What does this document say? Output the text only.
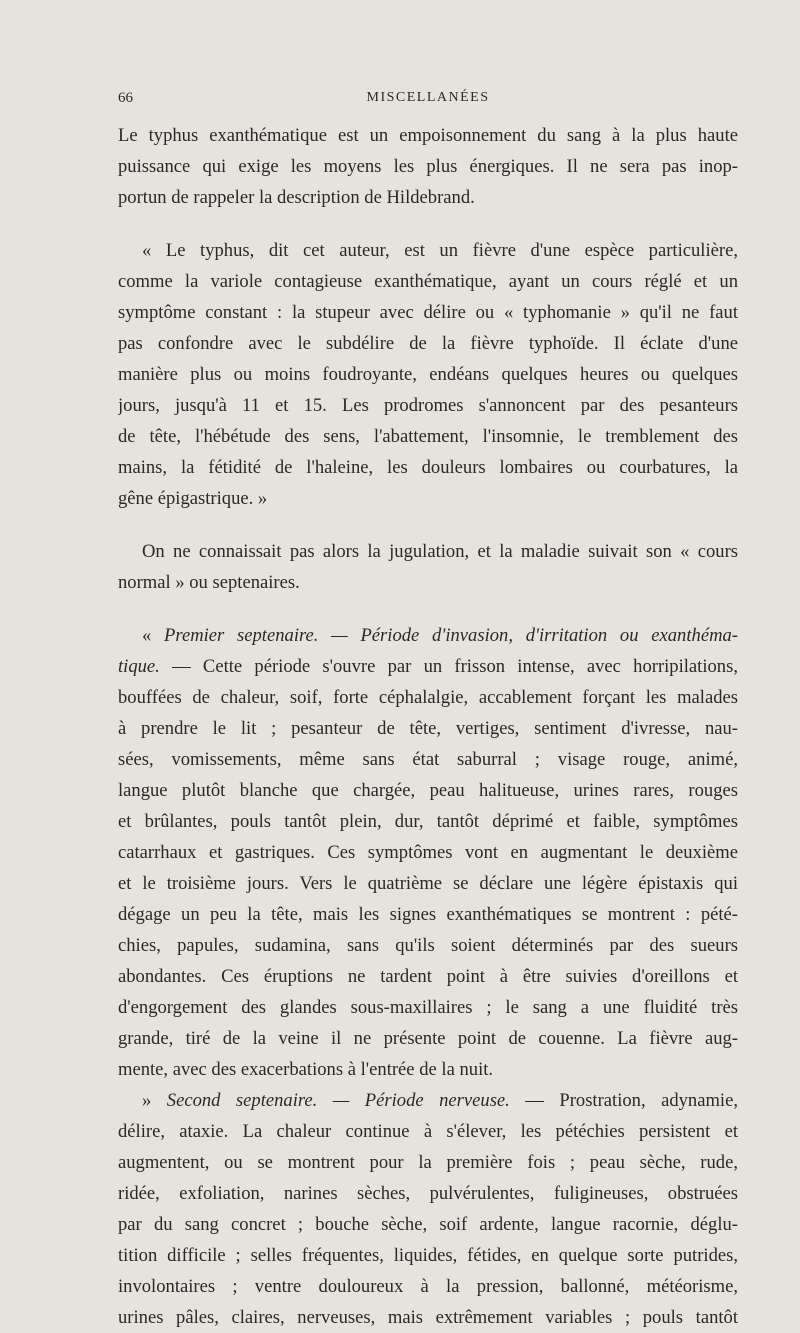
66	MISCELLANÉES
Le typhus exanthématique est un empoisonnement du sang à la plus haute
puissance qui exige les moyens les plus énergiques. Il ne sera pas inop-
portun de rappeler la description de Hildebrand.
« Le typhus, dit cet auteur, est un fièvre d'une espèce particulière,
comme la variole contagieuse exanthématique, ayant un cours réglé et un
symptôme constant : la stupeur avec délire ou « typhomanie » qu'il ne faut
pas confondre avec le subdélire de la fièvre typhoïde. Il éclate d'une
manière plus ou moins foudroyante, endéans quelques heures ou quelques
jours, jusqu'à 11 et 15. Les prodromes s'annoncent par des pesanteurs
de tête, l'hébétude des sens, l'abattement, l'insomnie, le tremblement des
mains, la fétidité de l'haleine, les douleurs lombaires ou courbatures, la
gêne épigastrique. »
On ne connaissait pas alors la jugulation, et la maladie suivait son « cours
normal » ou septenaires.
« Premier septenaire. — Période d'invasion, d'irritation ou exanthéma-
tique. — Cette période s'ouvre par un frisson intense, avec horripilations,
bouffées de chaleur, soif, forte céphalalgie, accablement forçant les malades
à prendre le lit ; pesanteur de tête, vertiges, sentiment d'ivresse, nau-
sées, vomissements, même sans état saburral ; visage rouge, animé,
langue plutôt blanche que chargée, peau halitueuse, urines rares, rouges
et brûlantes, pouls tantôt plein, dur, tantôt déprimé et faible, symptômes
catarrhaux et gastriques. Ces symptômes vont en augmentant le deuxième
et le troisième jours. Vers le quatrième se déclare une légère épistaxis qui
dégage un peu la tête, mais les signes exanthématiques se montrent : pété-
chies, papules, sudamina, sans qu'ils soient déterminés par des sueurs
abondantes. Ces éruptions ne tardent point à être suivies d'oreillons et
d'engorgement des glandes sous-maxillaires ; le sang a une fluidité très
grande, tiré de la veine il ne présente point de couenne. La fièvre aug-
mente, avec des exacerbations à l'entrée de la nuit.
» Second septenaire. — Période nerveuse. — Prostration, adynamie,
délire, ataxie. La chaleur continue à s'élever, les pétéchies persistent et
augmentent, ou se montrent pour la première fois ; peau sèche, rude,
ridée, exfoliation, narines sèches, pulvérulentes, fuligineuses, obstruées
par du sang concret ; bouche sèche, soif ardente, langue racornie, déglu-
tition difficile ; selles fréquentes, liquides, fétides, en quelque sorte putrides,
involontaires ; ventre douloureux à la pression, ballonné, météorisme,
urines pâles, claires, nerveuses, mais extrêmement variables ; pouls tantôt
